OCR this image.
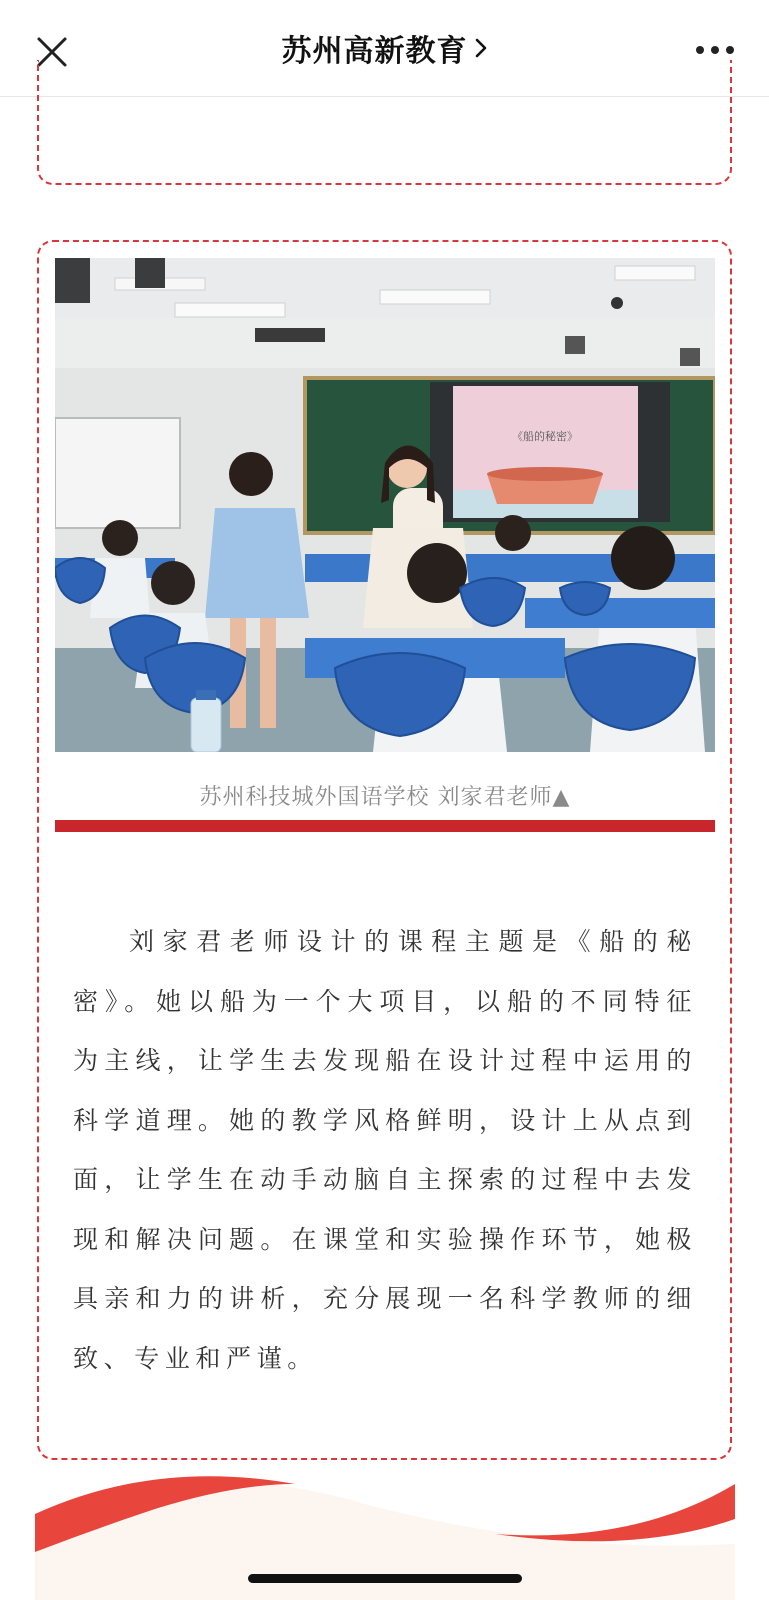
苏州高新教育
《船的秘密》
苏州科技城外国语学校 刘家君老师▲

刘家君老师设计的课程主题是《船的秘密》。她以船为一个大项目，以船的不同特征为主线，让学生去发现船在设计过程中运用的科学道理。她的教学风格鲜明，设计上从点到面，让学生在动手动脑自主探索的过程中去发现和解决问题。在课堂和实验操作环节，她极具亲和力的讲析，充分展现一名科学教师的细致、专业和严谨。
